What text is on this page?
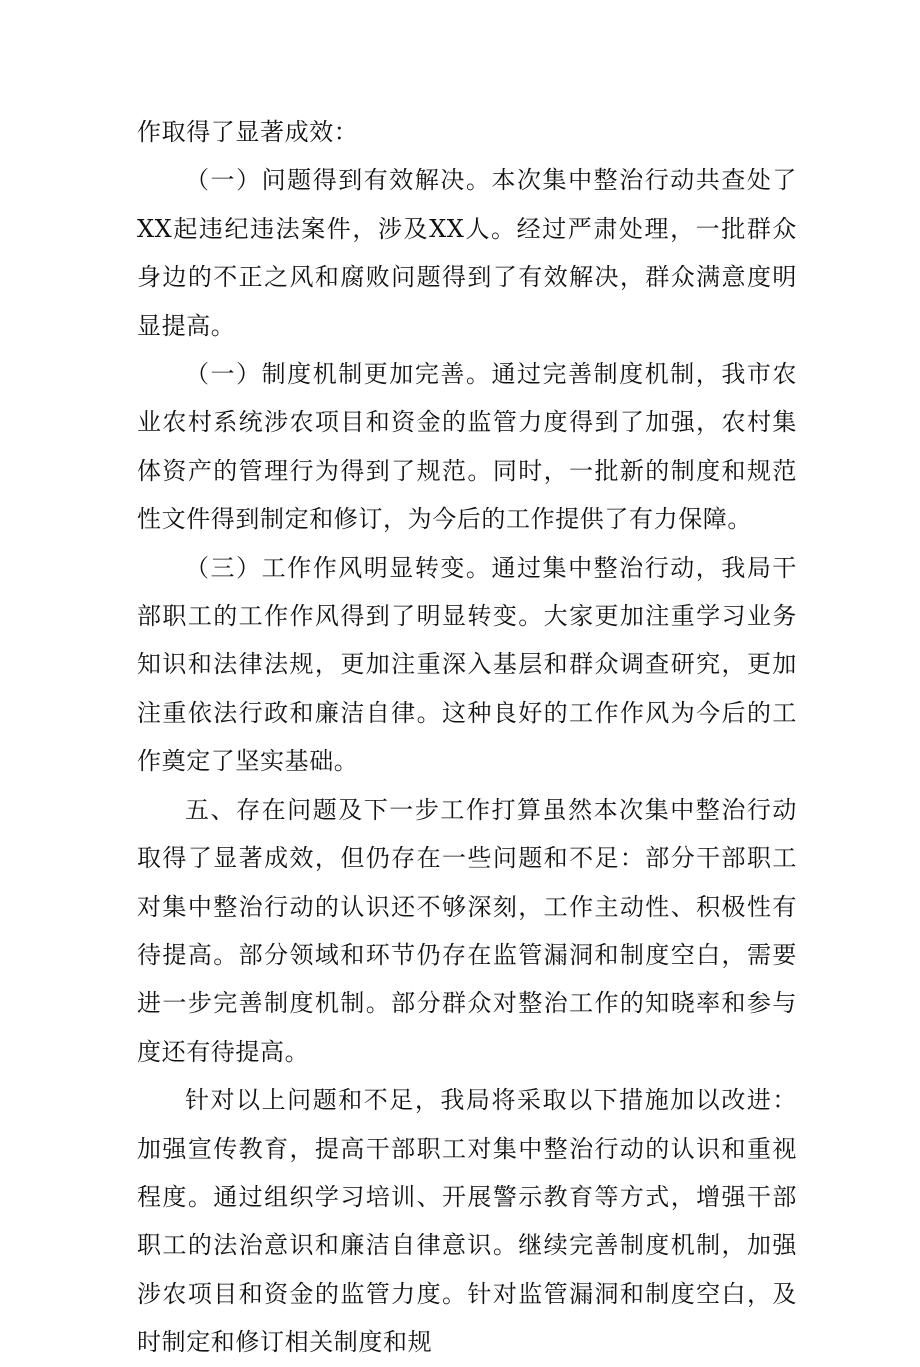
作取得了显著成效：

（一）问题得到有效解决。本次集中整治行动共查处了XX起违纪违法案件，涉及XX人。经过严肃处理，一批群众身边的不正之风和腐败问题得到了有效解决，群众满意度明显提高。

（一）制度机制更加完善。通过完善制度机制，我市农业农村系统涉农项目和资金的监管力度得到了加强，农村集体资产的管理行为得到了规范。同时，一批新的制度和规范性文件得到制定和修订，为今后的工作提供了有力保障。

（三）工作作风明显转变。通过集中整治行动，我局干部职工的工作作风得到了明显转变。大家更加注重学习业务知识和法律法规，更加注重深入基层和群众调查研究，更加注重依法行政和廉洁自律。这种良好的工作作风为今后的工作奠定了坚实基础。

五、存在问题及下一步工作打算虽然本次集中整治行动取得了显著成效，但仍存在一些问题和不足：部分干部职工对集中整治行动的认识还不够深刻，工作主动性、积极性有待提高。部分领域和环节仍存在监管漏洞和制度空白，需要进一步完善制度机制。部分群众对整治工作的知晓率和参与度还有待提高。

针对以上问题和不足，我局将采取以下措施加以改进：加强宣传教育，提高干部职工对集中整治行动的认识和重视程度。通过组织学习培训、开展警示教育等方式，增强干部职工的法治意识和廉洁自律意识。继续完善制度机制，加强涉农项目和资金的监管力度。针对监管漏洞和制度空白，及时制定和修订相关制度和规
